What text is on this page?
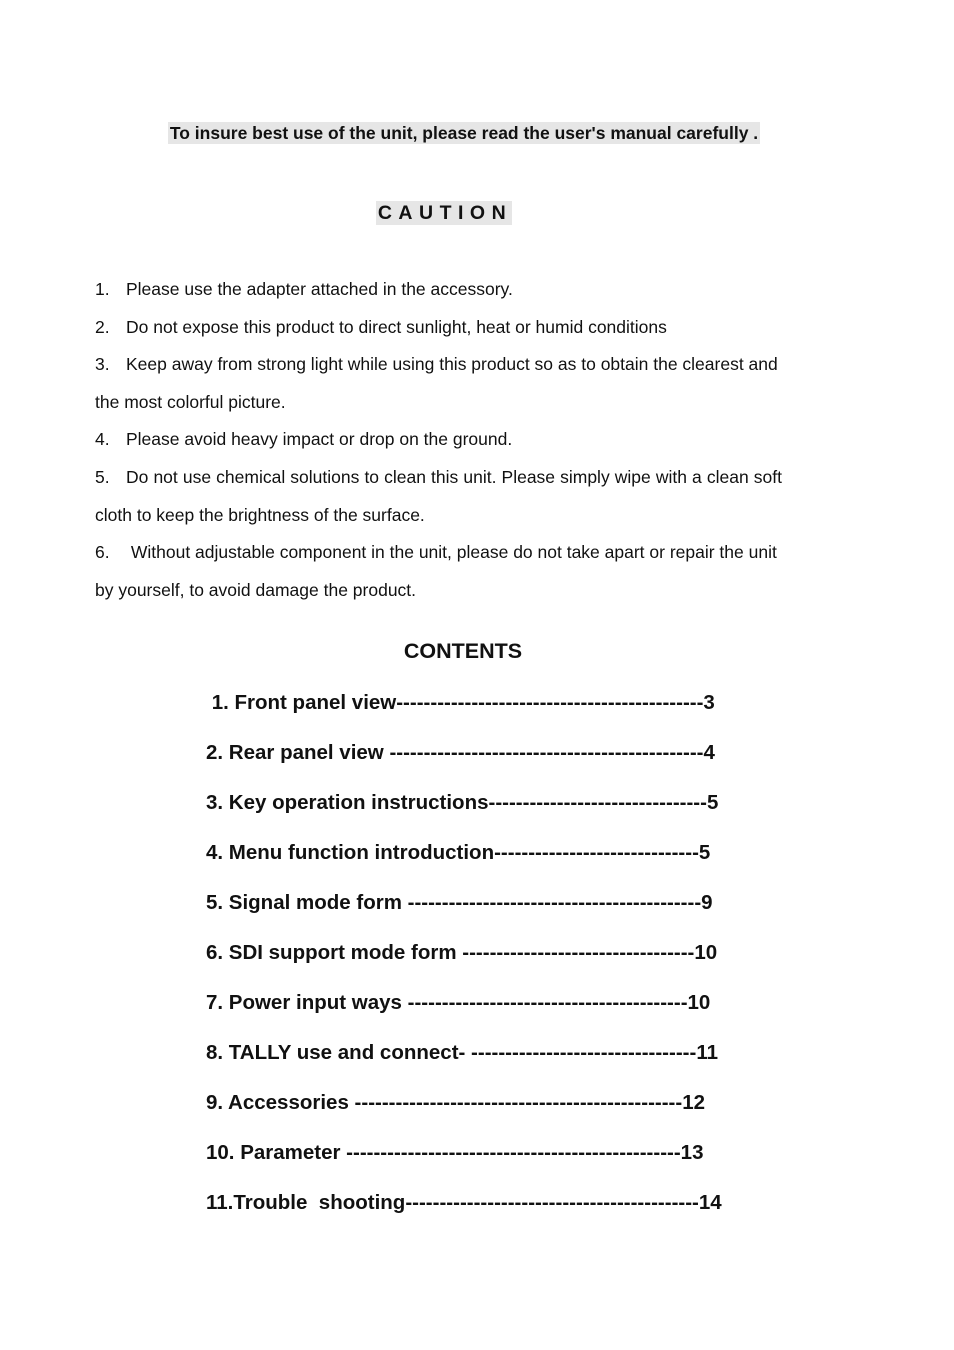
To insure best use of the unit, please read the user's manual carefully .
CAUTION
1. Please use the adapter attached in the accessory.
2. Do not expose this product to direct sunlight, heat or humid conditions
3. Keep away from strong light while using this product so as to obtain the clearest and the most colorful picture.
4. Please avoid heavy impact or drop on the ground.
5. Do not use chemical solutions to clean this unit. Please simply wipe with a clean soft cloth to keep the brightness of the surface.
6. Without adjustable component in the unit, please do not take apart or repair the unit by yourself, to avoid damage the product.
CONTENTS
1. Front panel view---------------------------------------------3
2. Rear panel view ----------------------------------------------4
3. Key operation instructions--------------------------------5
4. Menu function introduction------------------------------5
5. Signal mode form -------------------------------------------9
6. SDI support mode form ----------------------------------10
7. Power input ways -----------------------------------------10
8. TALLY use and connect- ---------------------------------11
9. Accessories ------------------------------------------------12
10. Parameter -------------------------------------------------13
11.Trouble  shooting-------------------------------------------14
